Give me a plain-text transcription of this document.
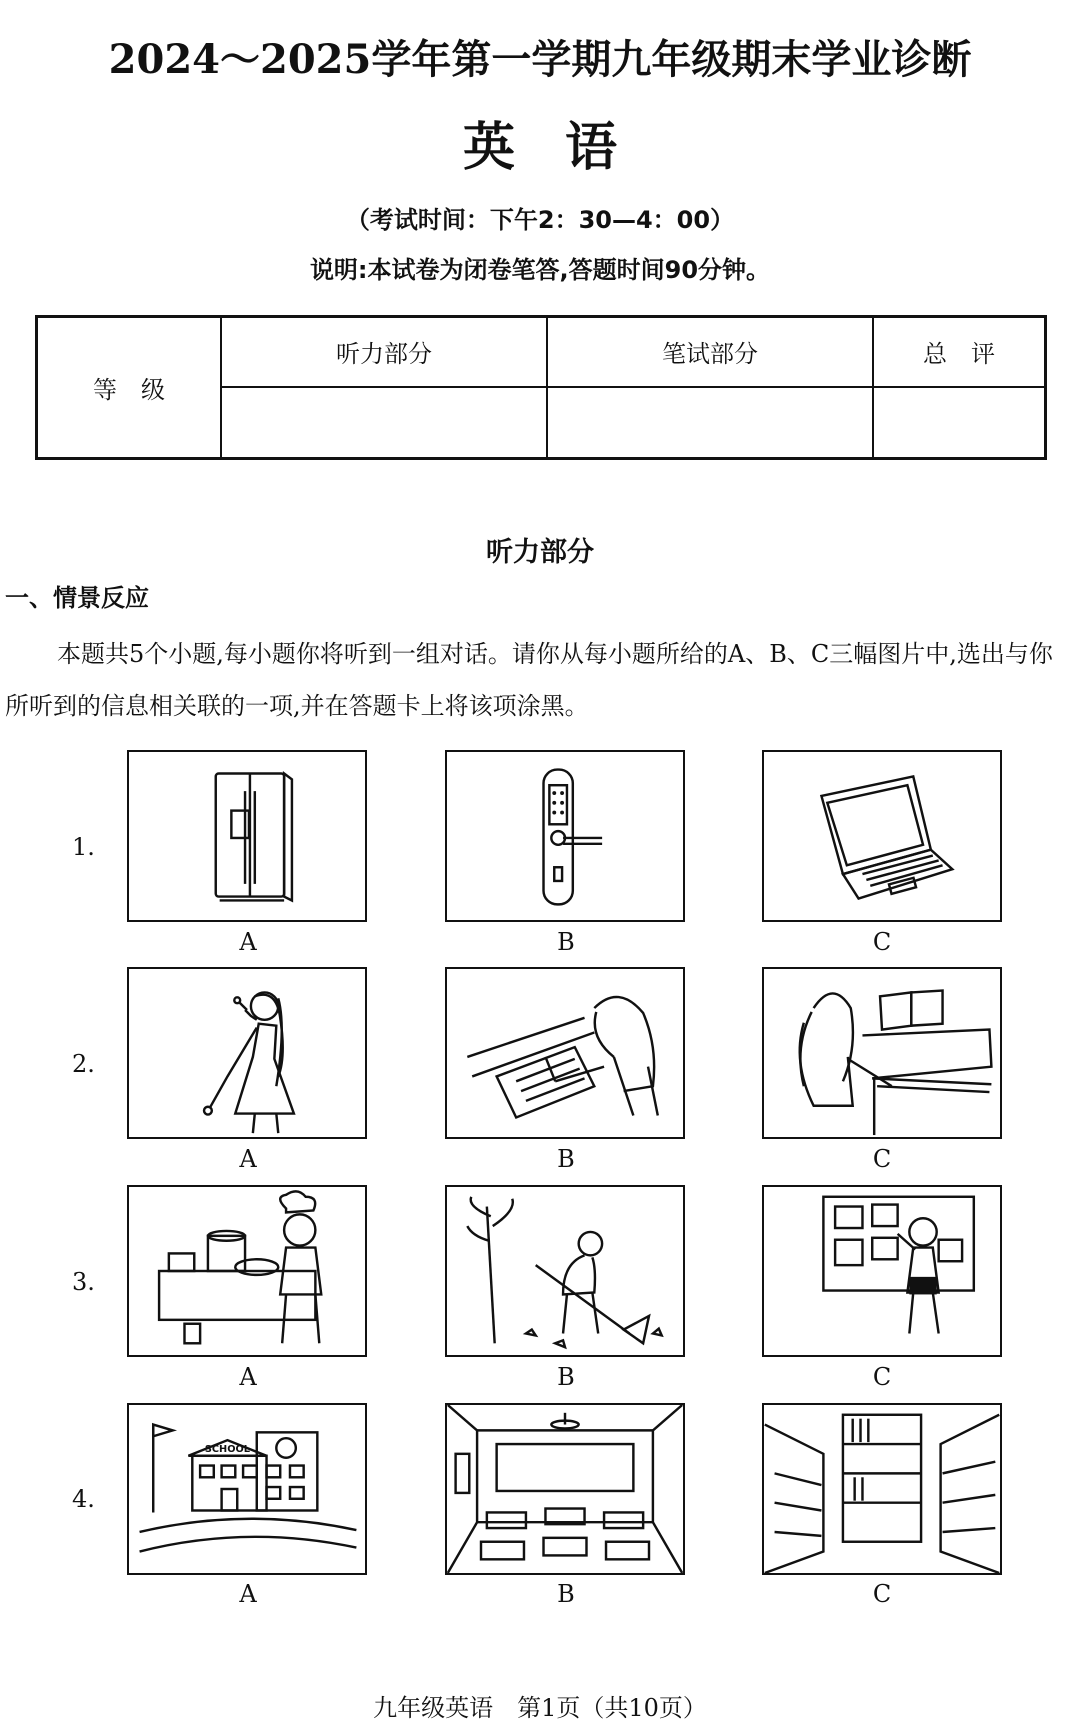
2024～2025学年第一学期九年级期末学业诊断
英语
（考试时间：下午2：30—4：00）
说明:本试卷为闭卷笔答,答题时间90分钟。
等　级	听力部分	笔试部分	总　评

听力部分
一、情景反应
本题共5个小题,每小题你将听到一组对话。请你从每小题所给的A、B、C三幅图片中,选出与你所听到的信息相关联的一项,并在答题卡上将该项涂黑。
1.
2.
3.
4.
A	B	C
A	B	C
A	B	C
SCHOOL
A	B	C
九年级英语　第1页（共10页）
